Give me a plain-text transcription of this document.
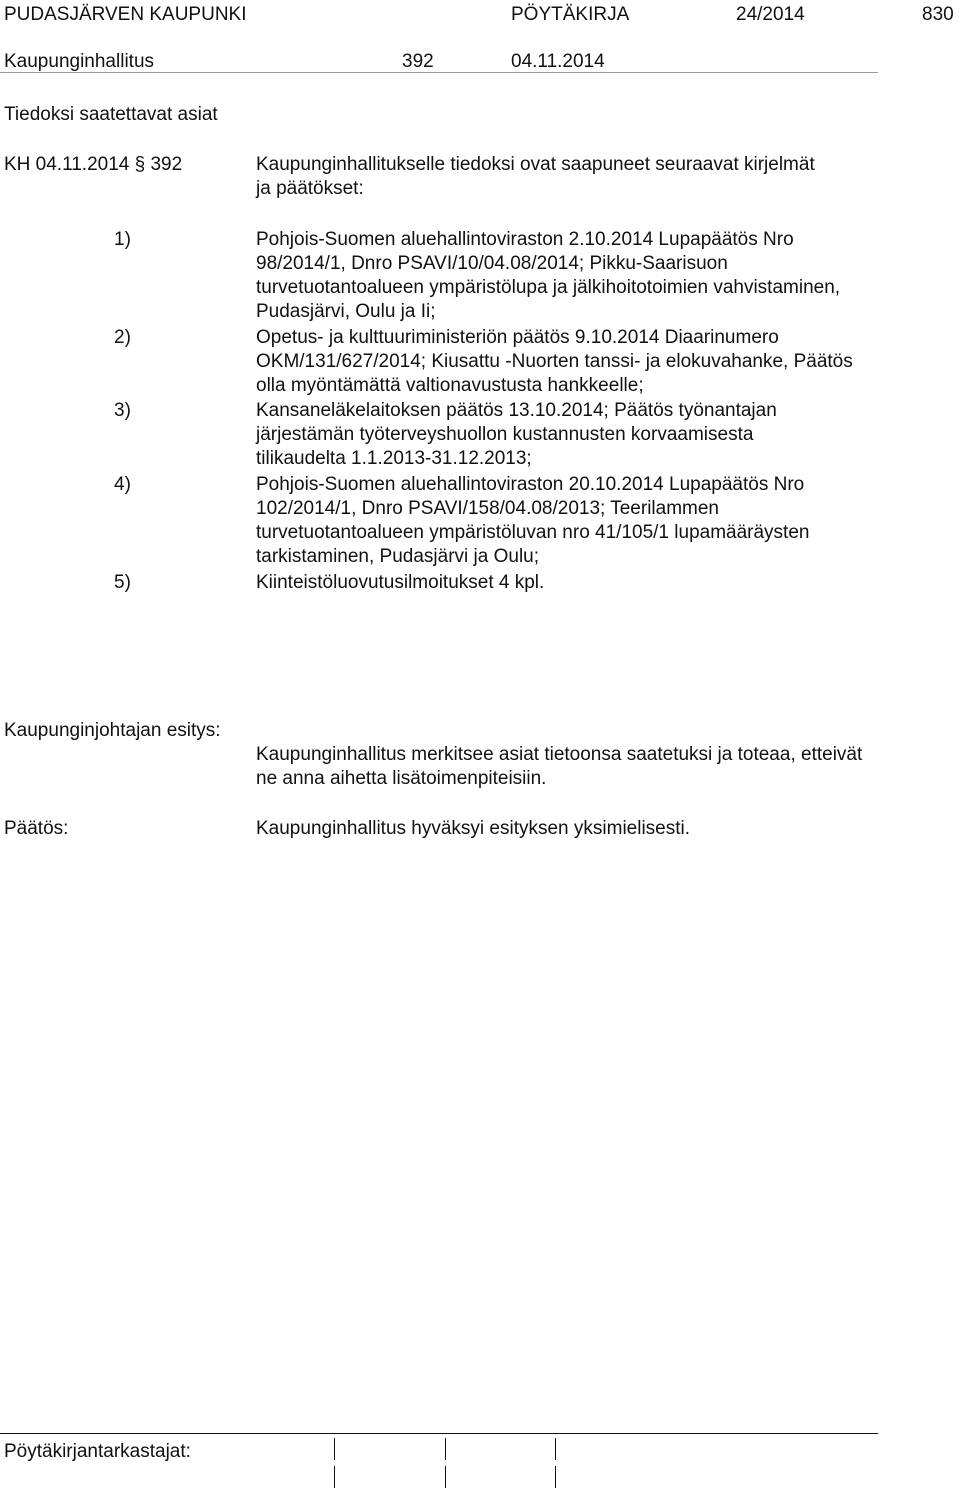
PUDASJÄRVEN KAUPUNKI	PÖYTÄKIRJA	24/2014	830
Kaupunginhallitus	392	04.11.2014
Tiedoksi saatettavat asiat
KH 04.11.2014 § 392	Kaupunginhallitukselle tiedoksi ovat saapuneet seuraavat kirjelmät ja päätökset:
1)	Pohjois-Suomen aluehallintoviraston 2.10.2014 Lupapäätös Nro 98/2014/1, Dnro PSAVI/10/04.08/2014; Pikku-Saarisuon turvetuotantoalueen ympäristölupa ja jälkihoitotoimien vahvistaminen, Pudasjärvi, Oulu ja Ii;
2)	Opetus- ja kulttuuriministeriön päätös 9.10.2014 Diaarinumero OKM/131/627/2014; Kiusattu -Nuorten tanssi- ja elokuvahanke, Päätös olla myöntämättä valtionavustusta hankkeelle;
3)	Kansaneläkelaitoksen päätös 13.10.2014; Päätös työnantajan järjestämän työterveyshuollon kustannusten korvaamisesta tilikaudelta 1.1.2013-31.12.2013;
4)	Pohjois-Suomen aluehallintoviraston 20.10.2014 Lupapäätös Nro 102/2014/1, Dnro PSAVI/158/04.08/2013; Teerilammen turvetuotantoalueen ympäristöluvan nro 41/105/1 lupamääräysten tarkistaminen, Pudasjärvi ja Oulu;
5)	Kiinteistöluovutusilmoitukset 4 kpl.
Kaupunginjohtajan esitys:
Kaupunginhallitus merkitsee asiat tietoonsa saatetuksi ja toteaa, etteivät ne anna aihetta lisätoimenpiteisiin.
Päätös:	Kaupunginhallitus hyväksyi esityksen yksimielisesti.
Pöytäkirjantarkastajat:
